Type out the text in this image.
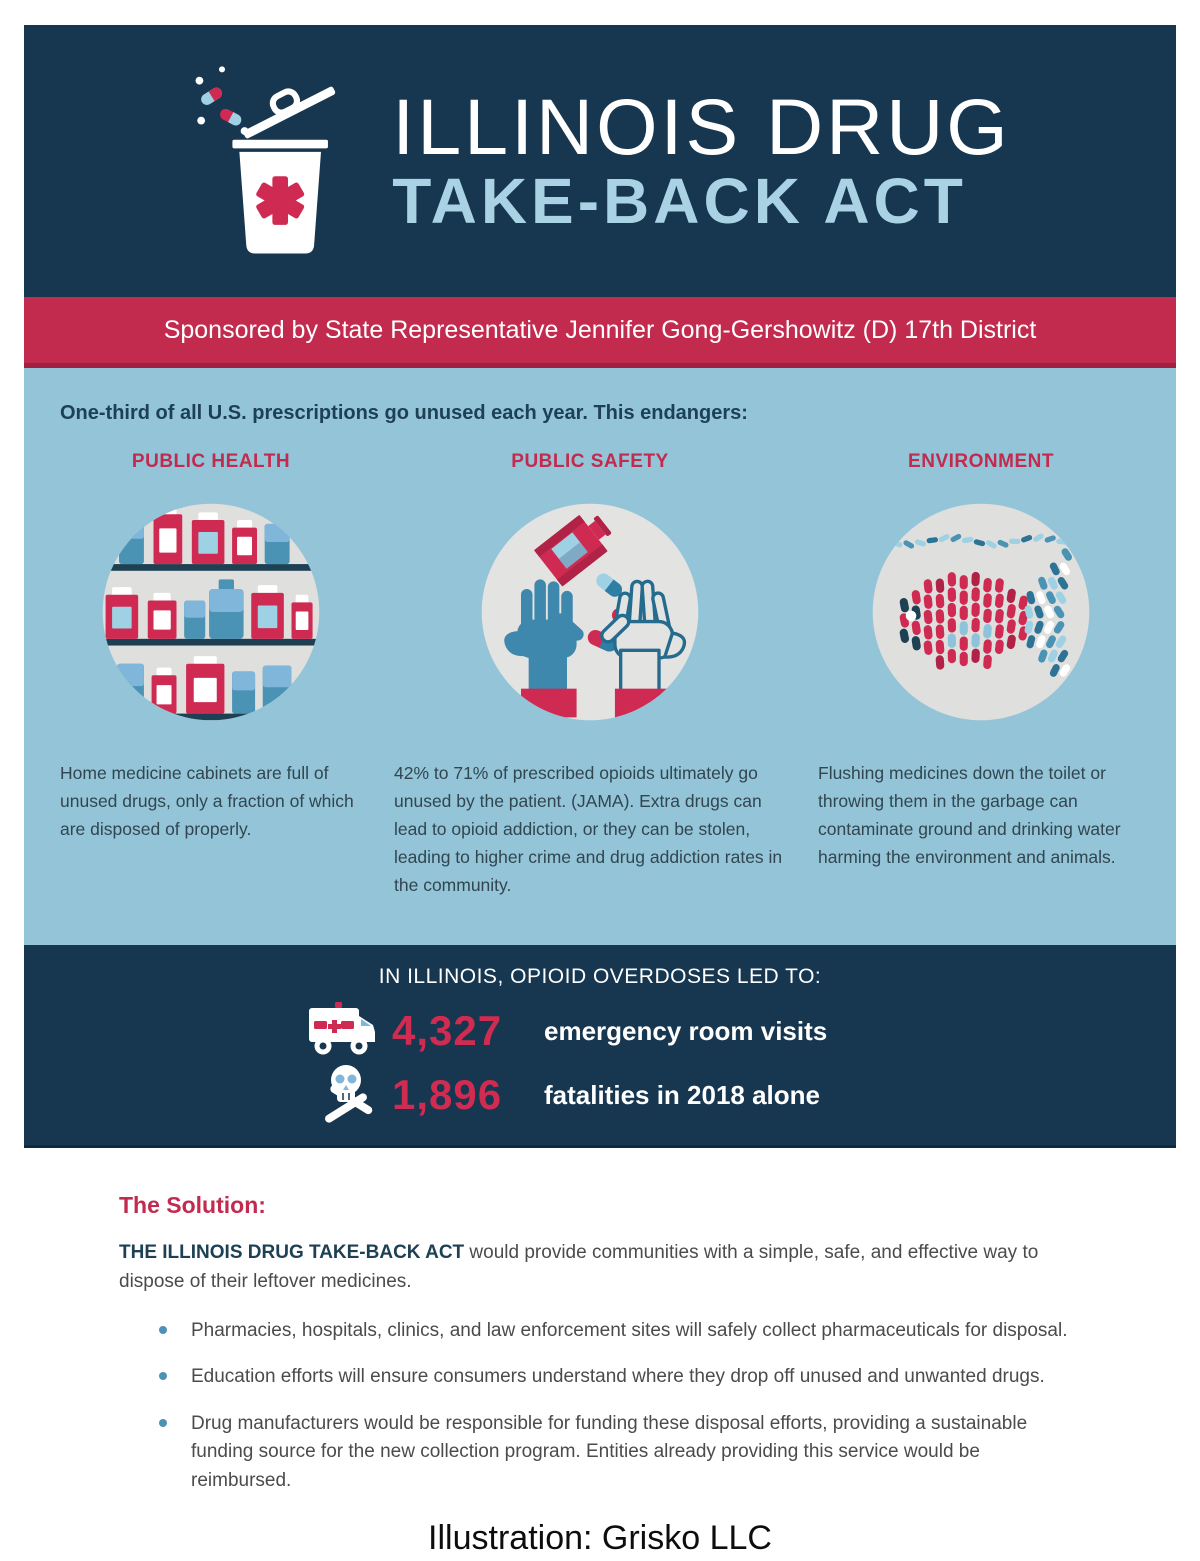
ILLINOIS DRUG
TAKE-BACK ACT
Sponsored by State Representative Jennifer Gong-Gershowitz (D) 17th District
One-third of all U.S. prescriptions go unused each year. This endangers:
PUBLIC HEALTH
Home medicine cabinets are full of unused drugs, only a fraction of which are disposed of properly.
PUBLIC SAFETY
42% to 71% of prescribed opioids ultimately go unused by the patient. (JAMA). Extra drugs can lead to opioid addiction, or they can be stolen, leading to higher crime and drug addiction rates in the community.
ENVIRONMENT
Flushing medicines down the toilet or throwing them in the garbage can contaminate ground and drinking water harming the environment and animals.
IN ILLINOIS, OPIOID OVERDOSES LED TO:
4,327	emergency room visits
1,896	fatalities in 2018 alone
The Solution:

THE ILLINOIS DRUG TAKE-BACK ACT would provide communities with a simple, safe, and effective way to dispose of their leftover medicines.

Pharmacies, hospitals, clinics, and law enforcement sites will safely collect pharmaceuticals for disposal.
Education efforts will ensure consumers understand where they drop off unused and unwanted drugs.
Drug manufacturers would be responsible for funding these disposal efforts, providing a sustainable funding source for the new collection program. Entities already providing this service would be reimbursed.
Illustration: Grisko LLC
